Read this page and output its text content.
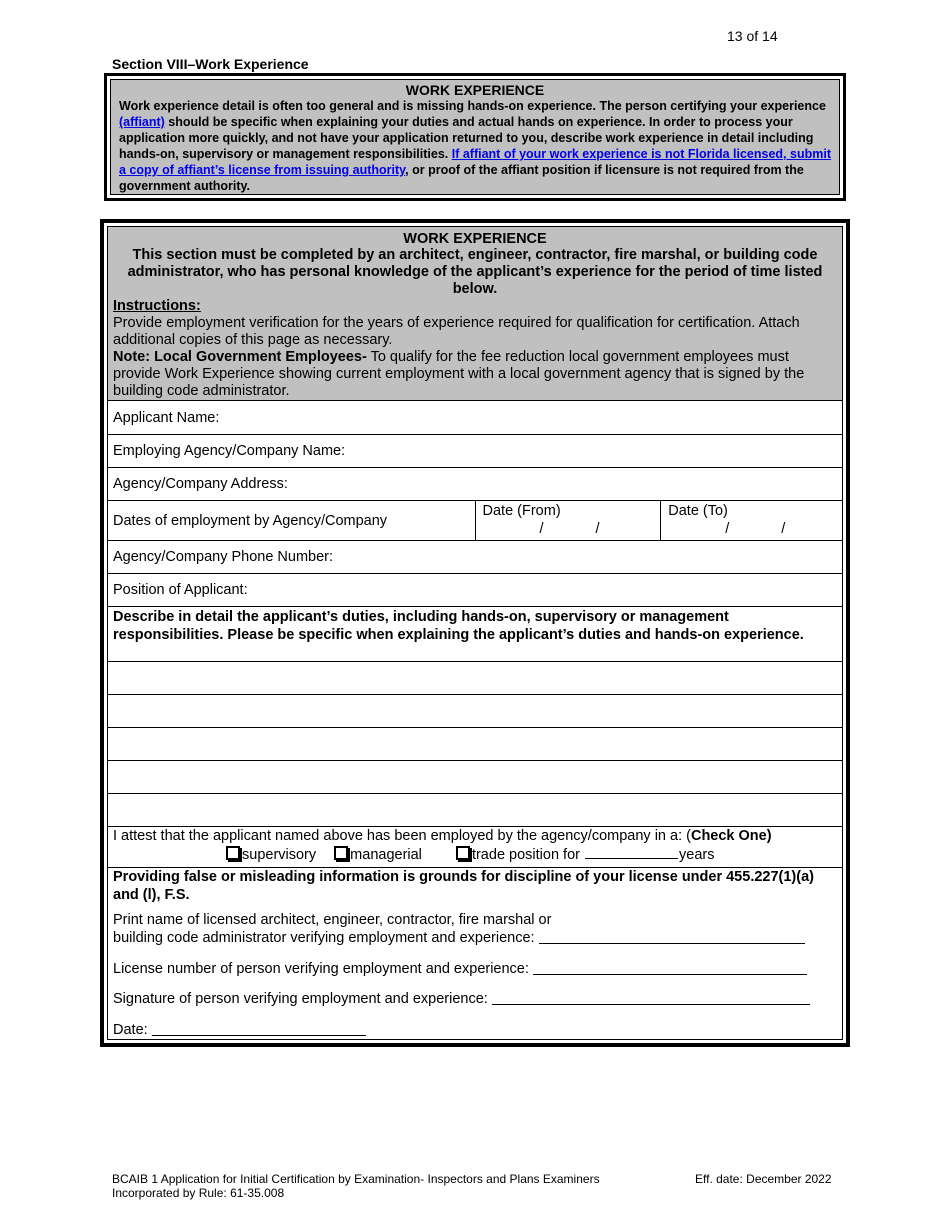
13 of 14
Section VIII–Work Experience
WORK EXPERIENCE
Work experience detail is often too general and is missing hands-on experience. The person certifying your experience (affiant) should be specific when explaining your duties and actual hands on experience. In order to process your application more quickly, and not have your application returned to you, describe work experience in detail including hands-on, supervisory or management responsibilities. If affiant of your work experience is not Florida licensed, submit a copy of affiant’s license from issuing authority, or proof of the affiant position if licensure is not required from the government authority.
WORK EXPERIENCE
This section must be completed by an architect, engineer, contractor, fire marshal, or building code administrator, who has personal knowledge of the applicant’s experience for the period of time listed below.
Instructions:
Provide employment verification for the years of experience required for qualification for certification. Attach additional copies of this page as necessary.
Note: Local Government Employees- To qualify for the fee reduction local government employees must provide Work Experience showing current employment with a local government agency that is signed by the building code administrator.
Applicant Name:
Employing Agency/Company Name:
Agency/Company Address:
Dates of employment by Agency/Company
Date (From)
/	/
Date (To)
/	/
Agency/Company Phone Number:
Position of Applicant:
Describe in detail the applicant’s duties, including hands-on, supervisory or management responsibilities. Please be specific when explaining the applicant’s duties and hands-on experience.
I attest that the applicant named above has been employed by the agency/company in a: (Check One)
supervisory managerial	trade position for	years
Providing false or misleading information is grounds for discipline of your license under 455.227(1)(a) and (l), F.S.
Print name of licensed architect, engineer, contractor, fire marshal or
building code administrator verifying employment and experience:
License number of person verifying employment and experience:
Signature of person verifying employment and experience:
Date:
BCAIB 1 Application for Initial Certification by Examination- Inspectors and Plans Examiners
Incorporated by Rule: 61-35.008
Eff. date: December 2022
